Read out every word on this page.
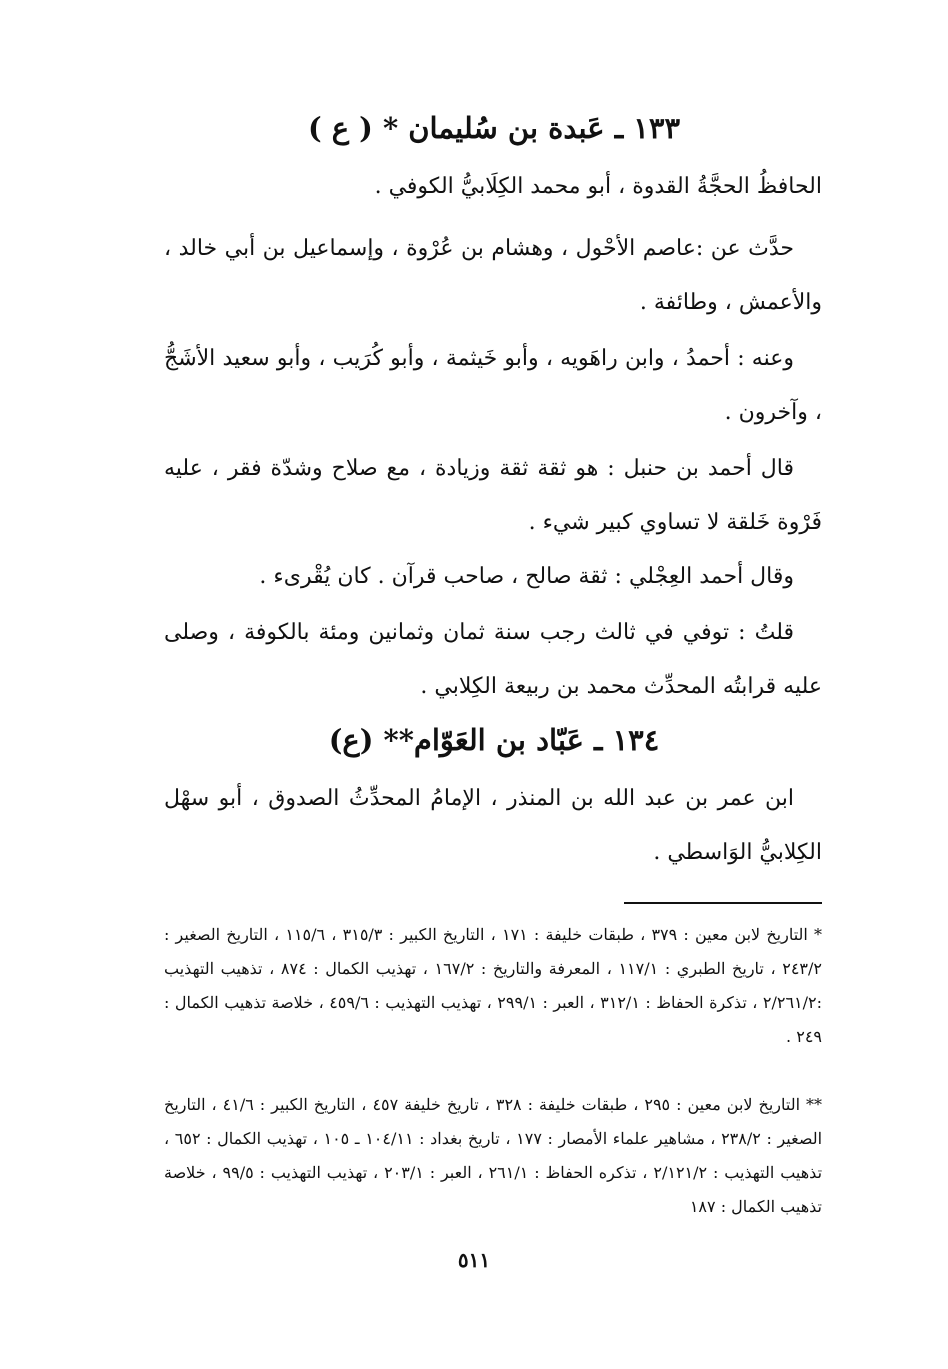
١٣٣ ـ عَبدة بن سُليمان * ( ع )
الحافظُ الحجَّةُ القدوة ، أبو محمد الكِلَابيُّ الكوفي .
حدَّث عن :عاصم الأحْول ، وهشام بن عُرْوة ، وإسماعيل بن أبي خالد ، والأعمش ، وطائفة .
وعنه : أحمدُ ، وابن راهَويه ، وأبو خَيثمة ، وأبو كُرَيب ، وأبو سعيد الأشَجُّ ، وآخرون .
قال أحمد بن حنبل : هو ثقة ثقة وزيادة ، مع صلاح وشدّة فقر ، عليه فَرْوة خَلقة لا تساوي كبير شيء .
وقال أحمد العِجْلي : ثقة صالح ، صاحب قرآن . كان يُقْرىء .
قلتُ : توفي في ثالث رجب سنة ثمان وثمانين ومئة بالكوفة ، وصلى عليه قرابتُه المحدِّث محمد بن ربيعة الكِلابي .
١٣٤ ـ عَبّاد بن العَوّام** (ع)
ابن عمر بن عبد الله بن المنذر ، الإمامُ المحدِّثُ الصدوق ، أبو سهْل الكِلابيُّ الوَاسطي .
* التاريخ لابن معين : ٣٧٩ ، طبقات خليفة : ١٧١ ، التاريخ الكبير : ٣١٥/٣ ، ١١٥/٦ ، التاريخ الصغير : ٢٤٣/٢ ، تاريخ الطبري : ١١٧/١ ، المعرفة والتاريخ : ١٦٧/٢ ، تهذيب الكمال : ٨٧٤ ، تذهيب التهذيب :٢/٢٦١/٢ ، تذكرة الحفاظ : ٣١٢/١ ، العبر : ٢٩٩/١ ، تهذيب التهذيب : ٤٥٩/٦ ، خلاصة تذهيب الكمال : ٢٤٩ .
** التاريخ لابن معين : ٢٩٥ ، طبقات خليفة : ٣٢٨ ، تاريخ خليفة ٤٥٧ ، التاريخ الكبير : ٤١/٦ ، التاريخ الصغير : ٢٣٨/٢ ، مشاهير علماء الأمصار : ١٧٧ ، تاريخ بغداد : ١٠٤/١١ ـ ١٠٥ ، تهذيب الكمال : ٦٥٢ ، تذهيب التهذيب : ٢/١٢١/٢ ، تذكره الحفاظ : ٢٦١/١ ، العبر : ٢٠٣/١ ، تهذيب التهذيب : ٩٩/٥ ، خلاصة تذهيب الكمال : ١٨٧
٥١١
